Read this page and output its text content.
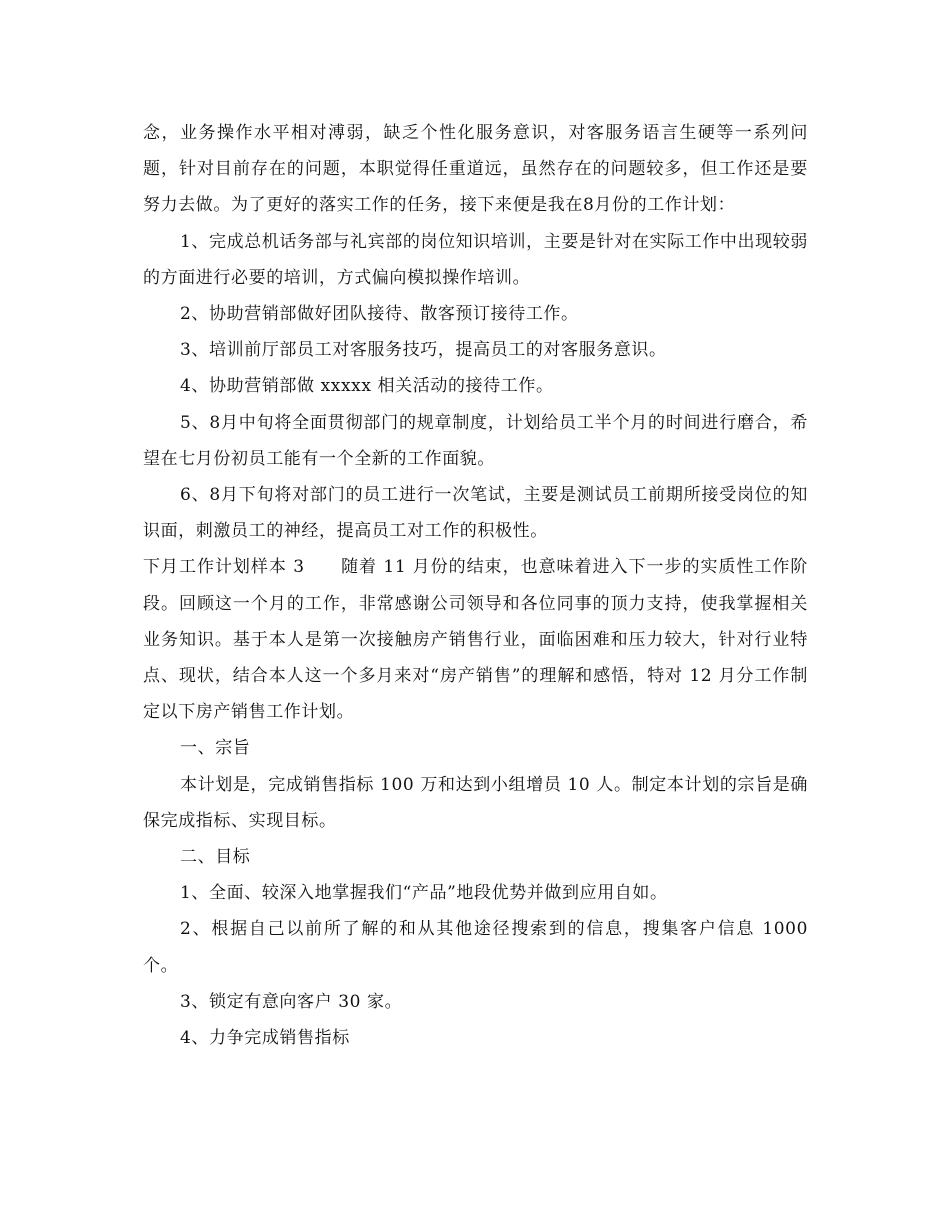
念，业务操作水平相对溥弱，缺乏个性化服务意识，对客服务语言生硬等一系列问题，针对目前存在的问题，本职觉得任重道远，虽然存在的问题较多，但工作还是要努力去做。为了更好的落实工作的任务，接下来便是我在8月份的工作计划：

1、完成总机话务部与礼宾部的岗位知识培训，主要是针对在实际工作中出现较弱的方面进行必要的培训，方式偏向模拟操作培训。

2、协助营销部做好团队接待、散客预订接待工作。

3、培训前厅部员工对客服务技巧，提高员工的对客服务意识。

4、协助营销部做 xxxxx 相关活动的接待工作。

5、8月中旬将全面贯彻部门的规章制度，计划给员工半个月的时间进行磨合，希望在七月份初员工能有一个全新的工作面貌。

6、8月下旬将对部门的员工进行一次笔试，主要是测试员工前期所接受岗位的知识面，刺激员工的神经，提高员工对工作的积极性。

下月工作计划样本 3　　随着 11 月份的结束，也意味着进入下一步的实质性工作阶段。回顾这一个月的工作，非常感谢公司领导和各位同事的顶力支持，使我掌握相关业务知识。基于本人是第一次接触房产销售行业，面临困难和压力较大，针对行业特点、现状，结合本人这一个多月来对“房产销售”的理解和感悟，特对 12 月分工作制定以下房产销售工作计划。

一、宗旨

本计划是，完成销售指标 100 万和达到小组增员 10 人。制定本计划的宗旨是确保完成指标、实现目标。

二、目标

1、全面、较深入地掌握我们“产品”地段优势并做到应用自如。

2、根据自己以前所了解的和从其他途径搜索到的信息，搜集客户信息 1000 个。

3、锁定有意向客户 30 家。

4、力争完成销售指标
